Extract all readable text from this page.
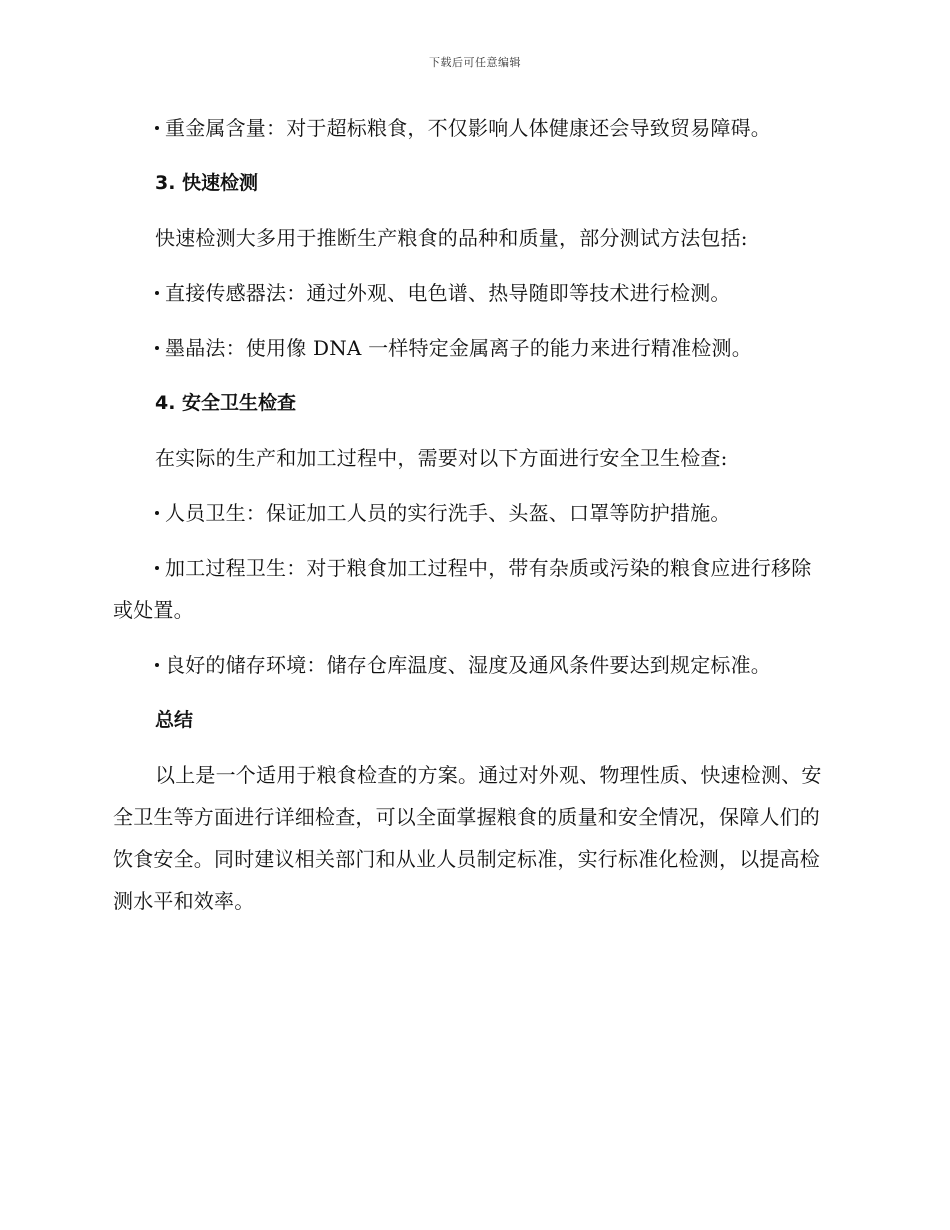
下载后可任意编辑

重金属含量：对于超标粮食，不仅影响人体健康还会导致贸易障碍。

3. 快速检测

快速检测大多用于推断生产粮食的品种和质量，部分测试方法包括:

直接传感器法：通过外观、电色谱、热导随即等技术进行检测。

墨晶法：使用像 DNA 一样特定金属离子的能力来进行精准检测。

4. 安全卫生检查

在实际的生产和加工过程中，需要对以下方面进行安全卫生检查:

人员卫生：保证加工人员的实行洗手、头盔、口罩等防护措施。

加工过程卫生：对于粮食加工过程中，带有杂质或污染的粮食应进行移除或处置。

良好的储存环境：储存仓库温度、湿度及通风条件要达到规定标准。

总结

以上是一个适用于粮食检查的方案。通过对外观、物理性质、快速检测、安全卫生等方面进行详细检查，可以全面掌握粮食的质量和安全情况，保障人们的饮食安全。同时建议相关部门和从业人员制定标准，实行标准化检测，以提高检测水平和效率。
